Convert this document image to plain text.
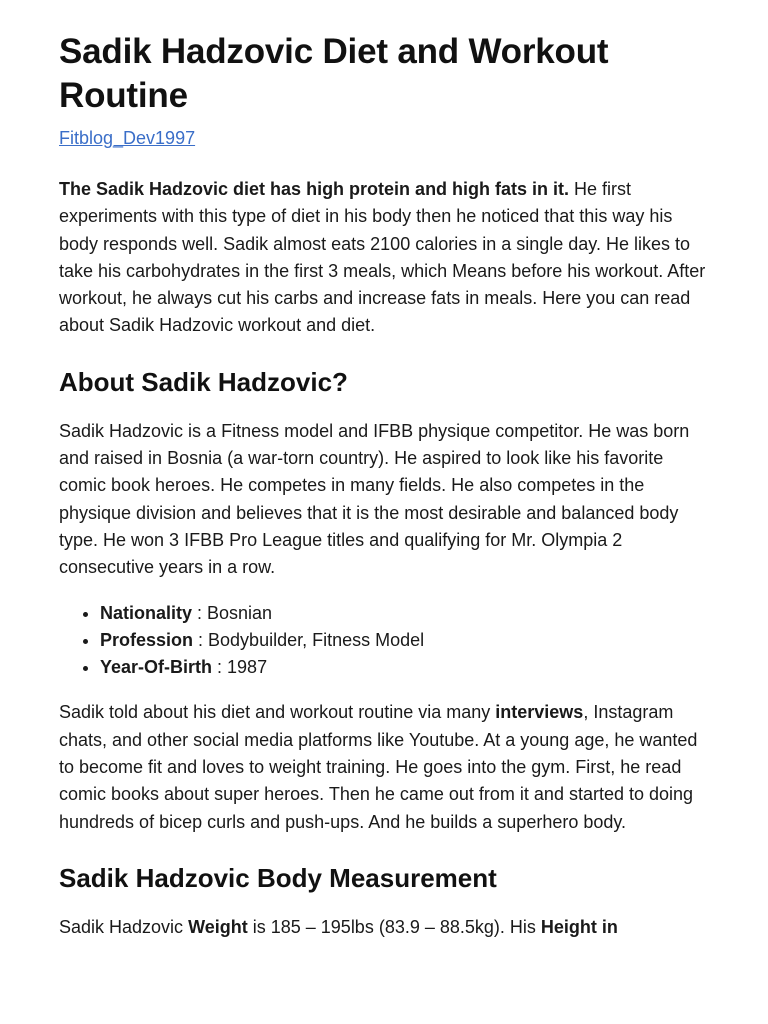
Sadik Hadzovic Diet and Workout Routine
Fitblog_Dev1997

The Sadik Hadzovic diet has high protein and high fats in it. He first experiments with this type of diet in his body then he noticed that this way his body responds well. Sadik almost eats 2100 calories in a single day. He likes to take his carbohydrates in the first 3 meals, which Means before his workout. After workout, he always cut his carbs and increase fats in meals. Here you can read about Sadik Hadzovic workout and diet.

About Sadik Hadzovic?

Sadik Hadzovic is a Fitness model and IFBB physique competitor. He was born and raised in Bosnia (a war-torn country). He aspired to look like his favorite comic book heroes. He competes in many fields. He also competes in the physique division and believes that it is the most desirable and balanced body type. He won 3 IFBB Pro League titles and qualifying for Mr. Olympia 2 consecutive years in a row.

• Nationality : Bosnian
• Profession : Bodybuilder, Fitness Model
• Year-Of-Birth : 1987

Sadik told about his diet and workout routine via many interviews, Instagram chats, and other social media platforms like Youtube. At a young age, he wanted to become fit and loves to weight training. He goes into the gym. First, he read comic books about super heroes. Then he came out from it and started to doing hundreds of bicep curls and push-ups. And he builds a superhero body.

Sadik Hadzovic Body Measurement

Sadik Hadzovic Weight is 185 – 195lbs (83.9 – 88.5kg). His Height in
